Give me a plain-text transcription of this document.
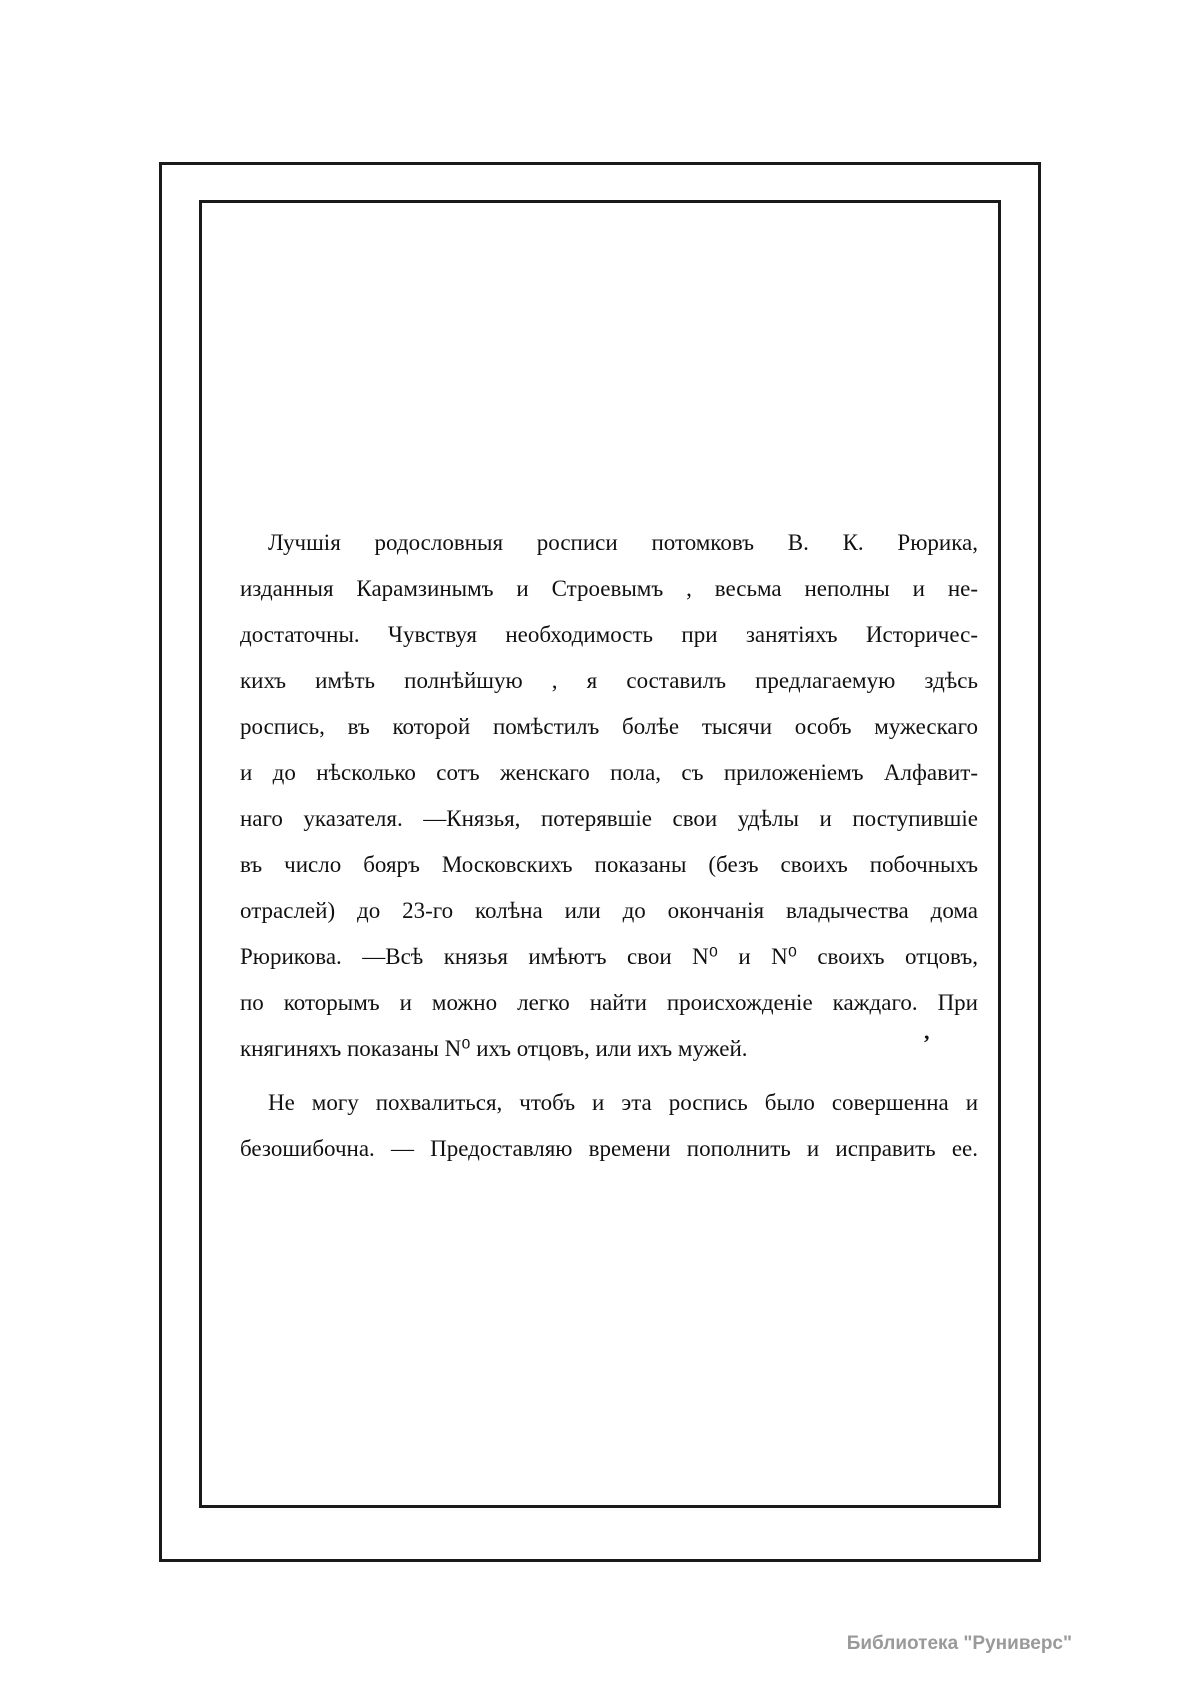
Лучшія родословныя росписи потомковъ В. К. Рюрика,
изданныя Карамзинымъ и Строевымъ , весьма неполны и не-
достаточны. Чувствуя необходимость при занятіяхъ Историчес-
кихъ имѣть полнѣйшую , я составилъ предлагаемую здѣсь
роспись, въ которой помѣстилъ болѣе тысячи особъ мужескаго
и до нѣсколько сотъ женскаго пола, съ приложеніемъ Алфавит-
наго указателя. —Князья, потерявшіе свои удѣлы и поступившіе
въ число бояръ Московскихъ показаны (безъ своихъ побочныхъ
отраслей) до 23-го колѣна или до окончанія владычества дома
Рюрикова. —Всѣ князья имѣютъ свои N⁰ и N⁰ своихъ отцовъ,
по которымъ и можно легко найти происхожденіе каждаго. При
княгиняхъ показаны N⁰ ихъ отцовъ, или ихъ мужей.
Не могу похвалиться, чтобъ и эта роспись было совершенна и
безошибочна. — Предоставляю времени пополнить и исправить ее.
,
Библиотека "Руниверс"
